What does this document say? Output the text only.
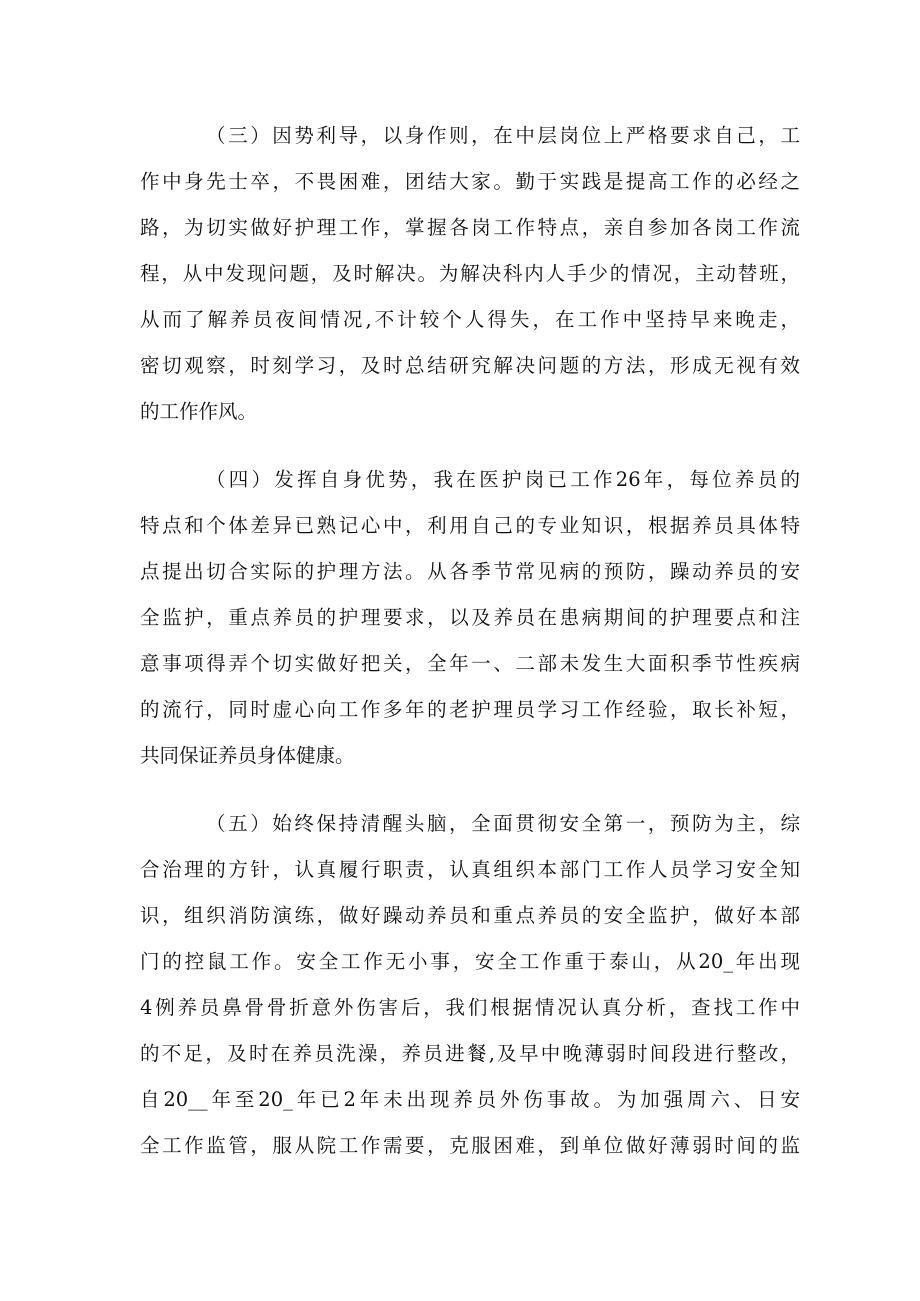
（三）因势利导，以身作则，在中层岗位上严格要求自己，工
作中身先士卒，不畏困难，团结大家。勤于实践是提高工作的必经之
路，为切实做好护理工作，掌握各岗工作特点，亲自参加各岗工作流
程，从中发现问题，及时解决。为解决科内人手少的情况，主动替班，
从而了解养员夜间情况,不计较个人得失，在工作中坚持早来晚走，
密切观察，时刻学习，及时总结研究解决问题的方法，形成无视有效
的工作作风。
（四）发挥自身优势，我在医护岗已工作26年，每位养员的
特点和个体差异已熟记心中，利用自己的专业知识，根据养员具体特
点提出切合实际的护理方法。从各季节常见病的预防，躁动养员的安
全监护，重点养员的护理要求，以及养员在患病期间的护理要点和注
意事项得弄个切实做好把关，全年一、二部未发生大面积季节性疾病
的流行，同时虚心向工作多年的老护理员学习工作经验，取长补短，
共同保证养员身体健康。
（五）始终保持清醒头脑，全面贯彻安全第一，预防为主，综
合治理的方针，认真履行职责，认真组织本部门工作人员学习安全知
识，组织消防演练，做好躁动养员和重点养员的安全监护，做好本部
门的控鼠工作。安全工作无小事，安全工作重于泰山，从20_年出现
4例养员鼻骨骨折意外伤害后，我们根据情况认真分析，查找工作中
的不足，及时在养员洗澡，养员进餐,及早中晚薄弱时间段进行整改，
自20__年至20_年已2年未出现养员外伤事故。为加强周六、日安
全工作监管，服从院工作需要，克服困难，到单位做好薄弱时间的监
